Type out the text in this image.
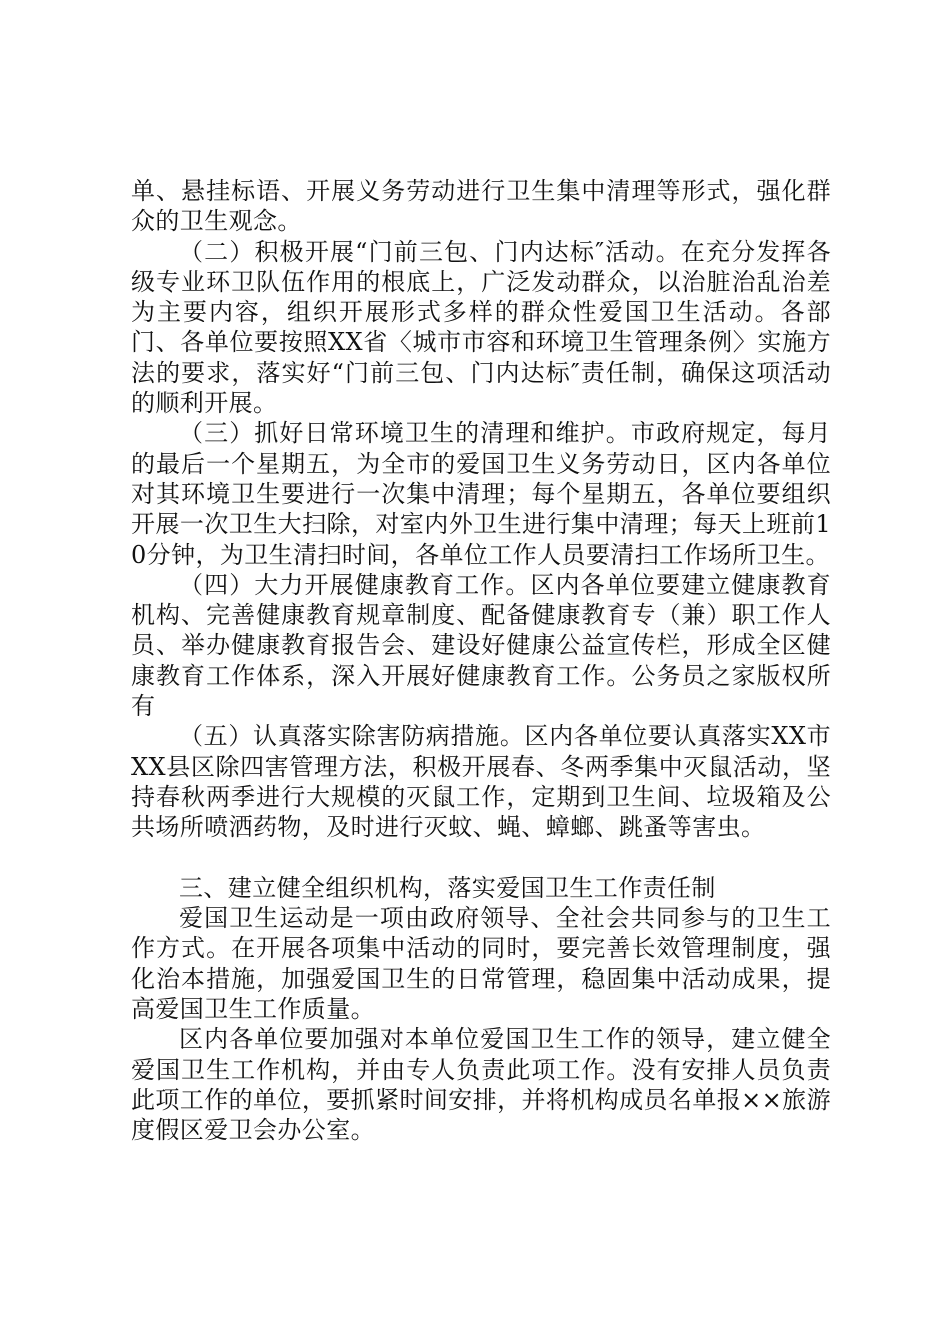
单、悬挂标语、开展义务劳动进行卫生集中清理等形式，强化群众的卫生观念。

（二）积极开展“门前三包、门内达标″活动。在充分发挥各级专业环卫队伍作用的根底上，广泛发动群众，以治脏治乱治差为主要内容，组织开展形式多样的群众性爱国卫生活动。各部门、各单位要按照XX省〈城市市容和环境卫生管理条例〉实施方法的要求，落实好“门前三包、门内达标″责任制，确保这项活动的顺利开展。

（三）抓好日常环境卫生的清理和维护。市政府规定，每月的最后一个星期五，为全市的爱国卫生义务劳动日，区内各单位对其环境卫生要进行一次集中清理；每个星期五，各单位要组织开展一次卫生大扫除，对室内外卫生进行集中清理；每天上班前10分钟，为卫生清扫时间，各单位工作人员要清扫工作场所卫生。

（四）大力开展健康教育工作。区内各单位要建立健康教育机构、完善健康教育规章制度、配备健康教育专（兼）职工作人员、举办健康教育报告会、建设好健康公益宣传栏，形成全区健康教育工作体系，深入开展好健康教育工作。公务员之家版权所有

（五）认真落实除害防病措施。区内各单位要认真落实XX市XX县区除四害管理方法，积极开展春、冬两季集中灭鼠活动，坚持春秋两季进行大规模的灭鼠工作，定期到卫生间、垃圾箱及公共场所喷洒药物，及时进行灭蚊、蝇、蟑螂、跳蚤等害虫。

三、建立健全组织机构，落实爱国卫生工作责任制

爱国卫生运动是一项由政府领导、全社会共同参与的卫生工作方式。在开展各项集中活动的同时，要完善长效管理制度，强化治本措施，加强爱国卫生的日常管理，稳固集中活动成果，提高爱国卫生工作质量。

区内各单位要加强对本单位爱国卫生工作的领导，建立健全爱国卫生工作机构，并由专人负责此项工作。没有安排人员负责此项工作的单位，要抓紧时间安排，并将机构成员名单报××旅游度假区爱卫会办公室。
